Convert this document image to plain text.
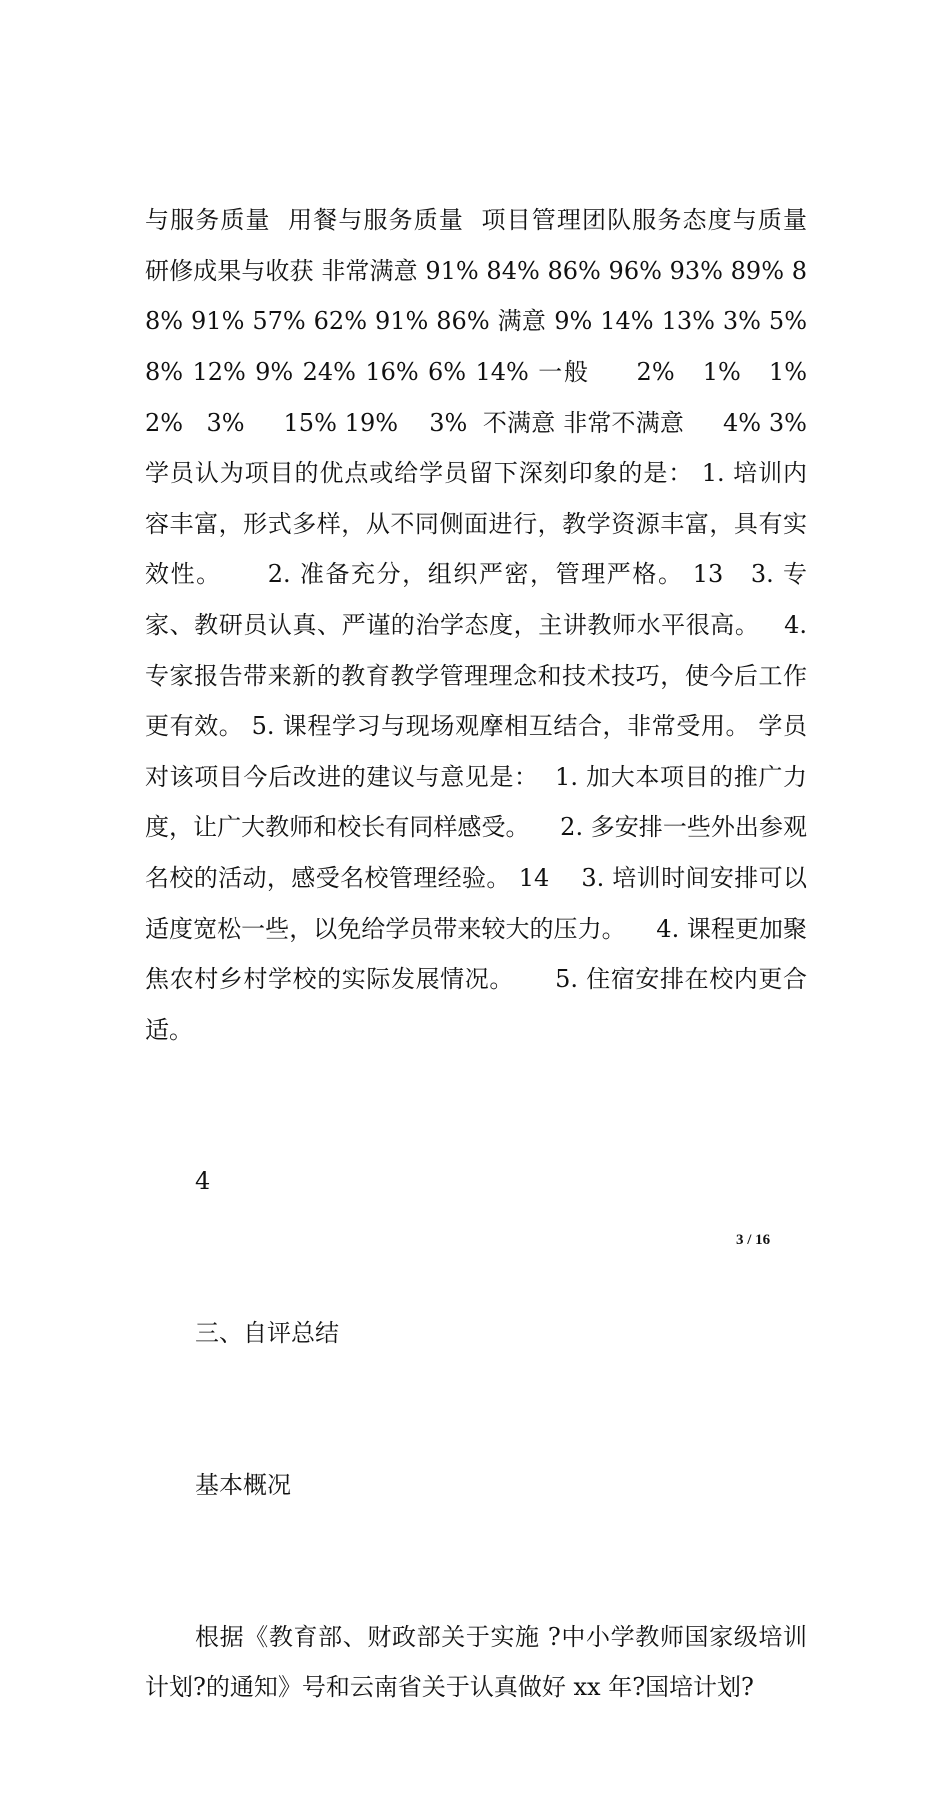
与服务质量  用餐与服务质量  项目管理团队服务态度与质量 研修成果与收获 非常满意 91% 84% 86% 96% 93% 89% 88% 91% 57% 62% 91% 86% 满意 9% 14% 13% 3% 5% 8% 12% 9% 24% 16% 6% 14% 一般     2%   1%   1%   2%   3%     15% 19%    3%  不满意 非常不满意     4% 3%     学员认为项目的优点或给学员留下深刻印象的是： 1. 培训内容丰富，形式多样，从不同侧面进行，教学资源丰富，具有实效性。     2. 准备充分，组织严密，管理严格。 13   3. 专家、教研员认真、严谨的治学态度，主讲教师水平很高。   4. 专家报告带来新的教育教学管理理念和技术技巧，使今后工作更有效。 5. 课程学习与现场观摩相互结合，非常受用。 学员对该项目今后改进的建议与意见是：  1. 加大本项目的推广力度，让广大教师和校长有同样感受。    2. 多安排一些外出参观名校的活动，感受名校管理经验。 14    3. 培训时间安排可以适度宽松一些，以免给学员带来较大的压力。    4. 课程更加聚焦农村乡村学校的实际发展情况。     5. 住宿安排在校内更合适。

4

三、自评总结

基本概况

根据《教育部、财政部关于实施 ?中小学教师国家级培训计划?的通知》号和云南省关于认真做好 xx 年?国培计划?

3 / 16
